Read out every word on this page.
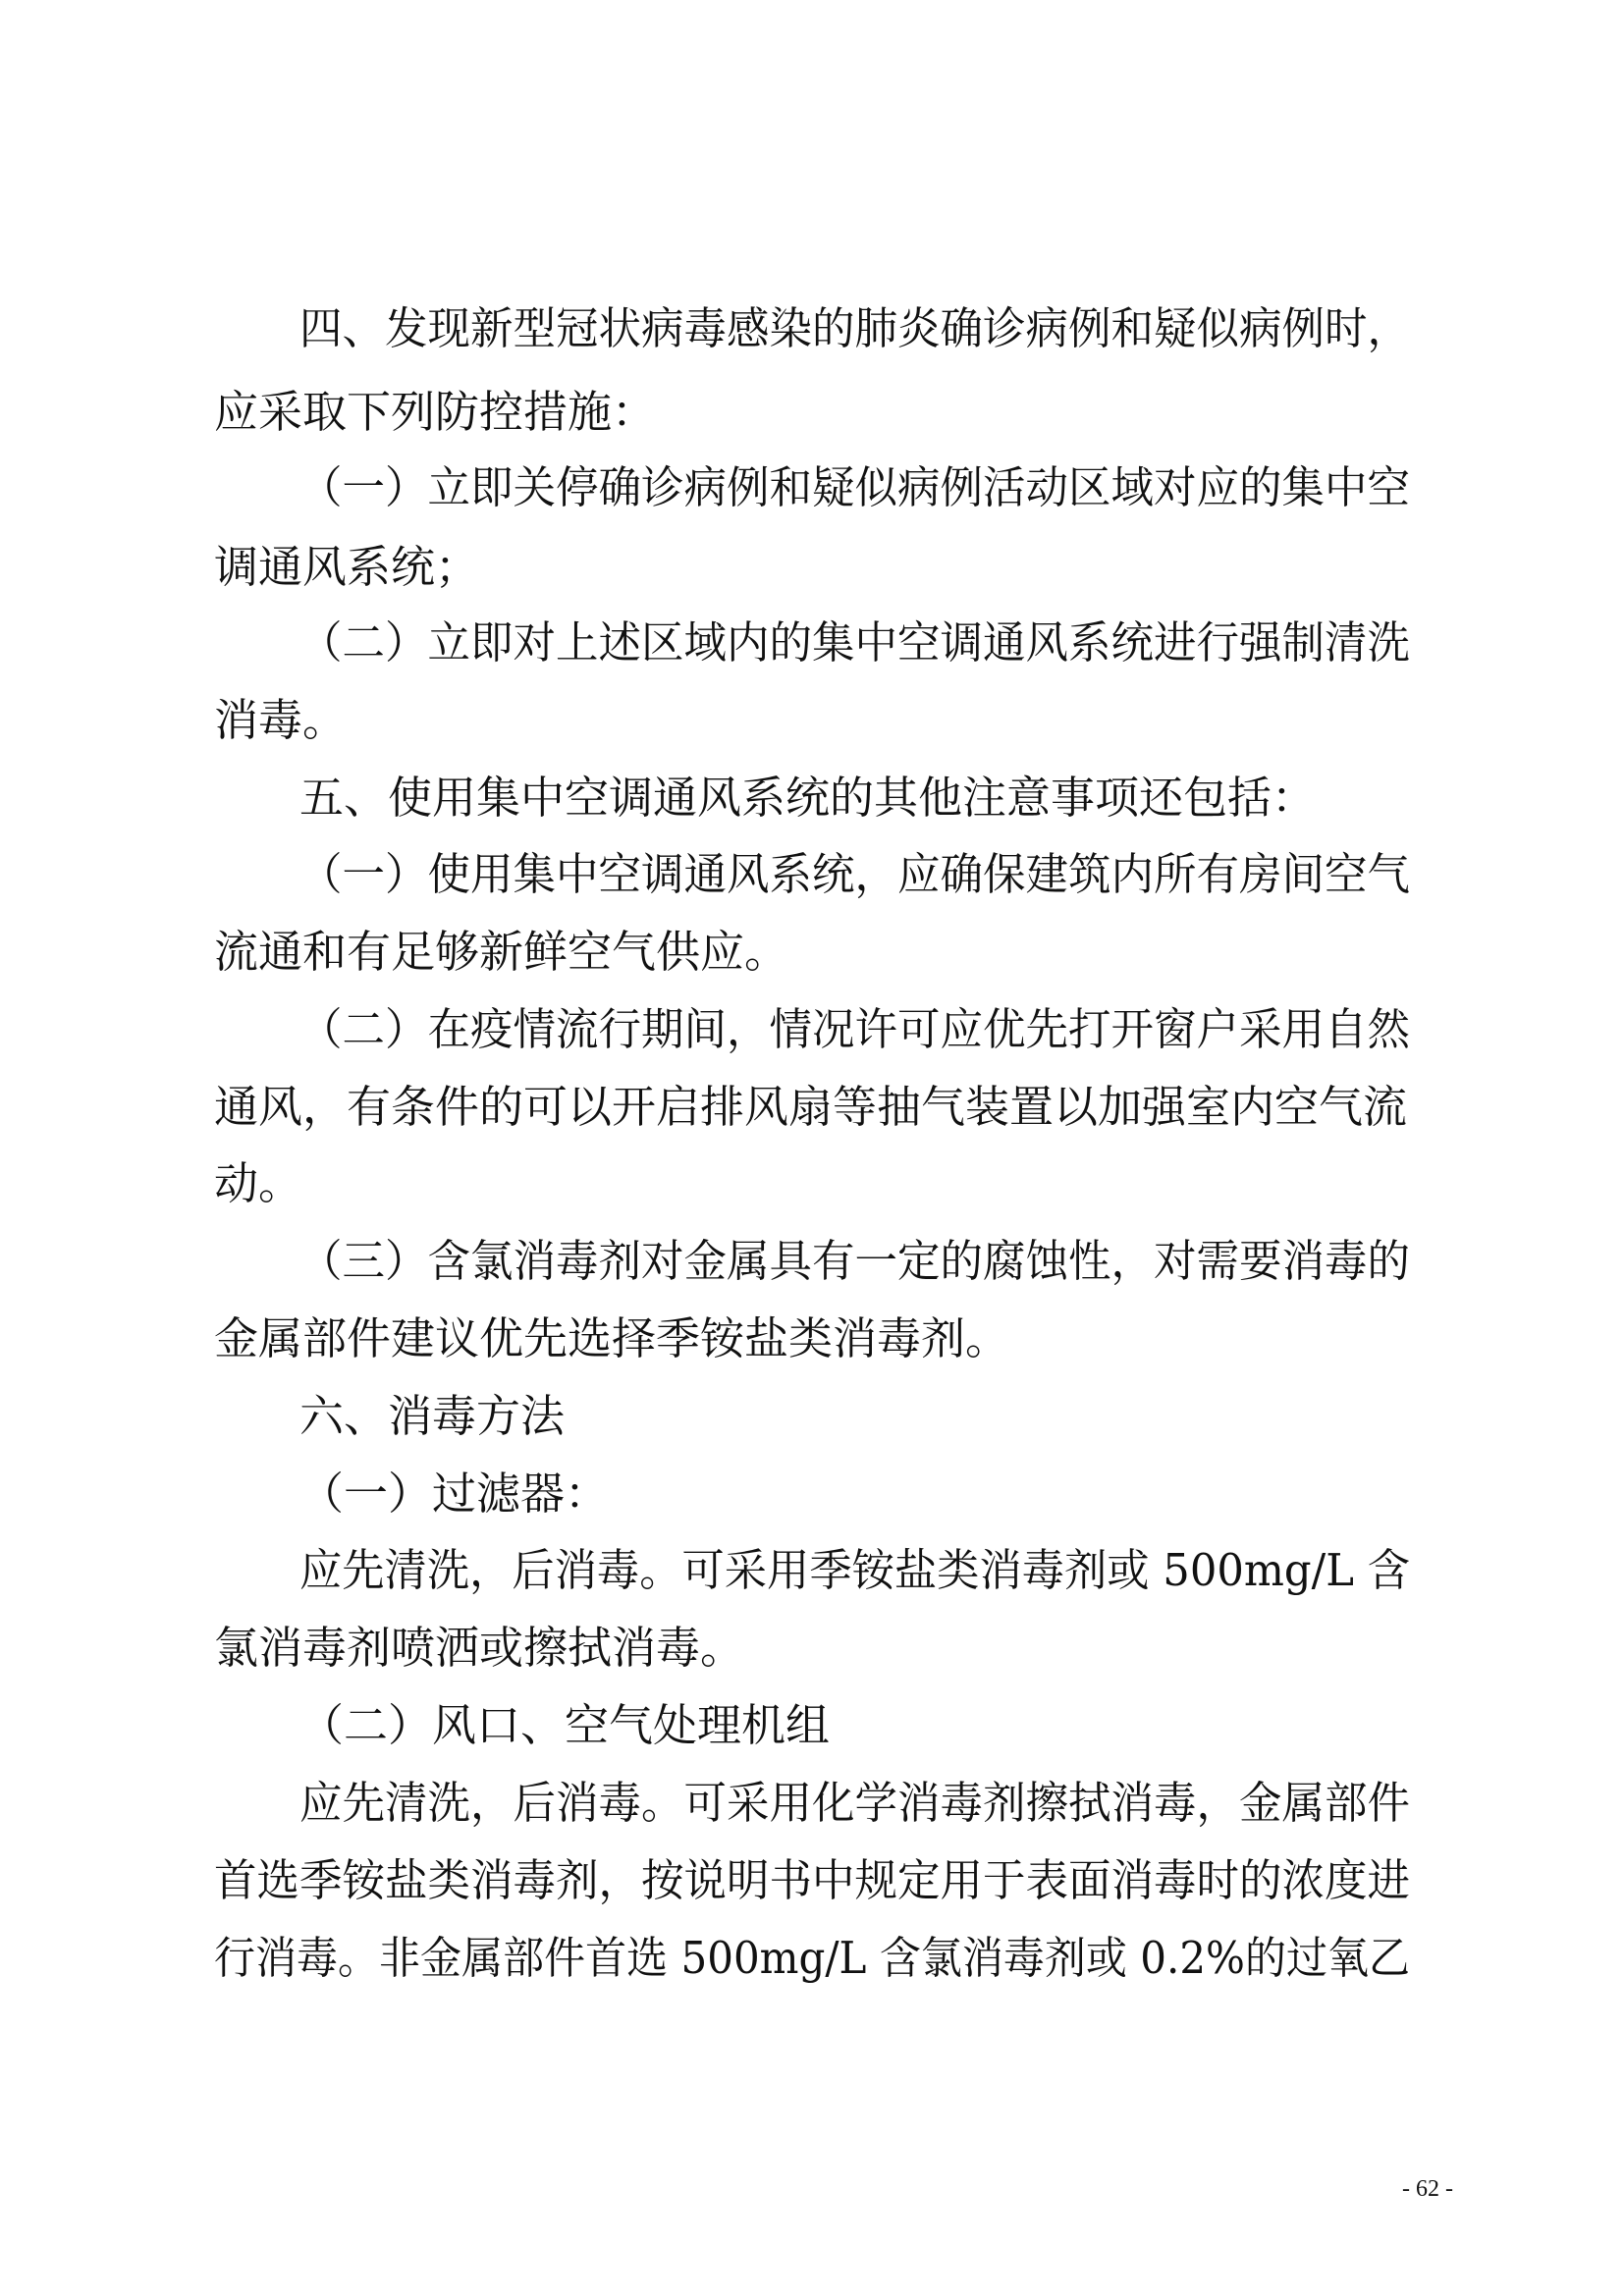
四、发现新型冠状病毒感染的肺炎确诊病例和疑似病例时，
应采取下列防控措施：
（一）立即关停确诊病例和疑似病例活动区域对应的集中空
调通风系统；
（二）立即对上述区域内的集中空调通风系统进行强制清洗
消毒。
五、使用集中空调通风系统的其他注意事项还包括：
（一）使用集中空调通风系统，应确保建筑内所有房间空气
流通和有足够新鲜空气供应。
（二）在疫情流行期间，情况许可应优先打开窗户采用自然
通风，有条件的可以开启排风扇等抽气装置以加强室内空气流
动。
（三）含氯消毒剂对金属具有一定的腐蚀性，对需要消毒的
金属部件建议优先选择季铵盐类消毒剂。
六、消毒方法
（一）过滤器：
应先清洗，后消毒。可采用季铵盐类消毒剂或 500mg/L 含
氯消毒剂喷洒或擦拭消毒。
（二）风口、空气处理机组
应先清洗，后消毒。可采用化学消毒剂擦拭消毒，金属部件
首选季铵盐类消毒剂，按说明书中规定用于表面消毒时的浓度进
行消毒。非金属部件首选 500mg/L 含氯消毒剂或 0.2%的过氧乙
- 62 -
